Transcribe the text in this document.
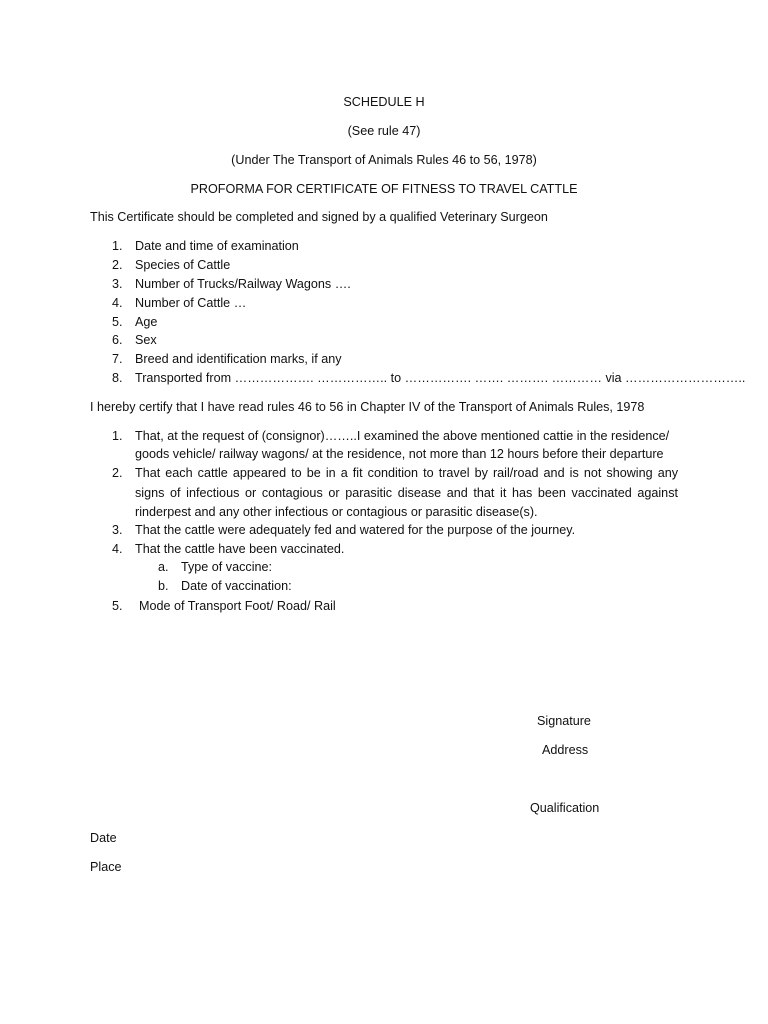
SCHEDULE H
(See rule 47)
(Under The Transport of Animals Rules 46 to 56, 1978)
PROFORMA FOR CERTIFICATE OF FITNESS TO TRAVEL CATTLE
This Certificate should be completed and signed by a qualified Veterinary Surgeon
1. Date and time of examination
2. Species of Cattle
3. Number of Trucks/Railway Wagons ….
4. Number of Cattle …
5. Age
6. Sex
7. Breed and identification marks, if any
8. Transported from ………………. …………….. to ……………. ……. ………. ………… via ………………………..
I hereby certify that I have read rules 46 to 56 in Chapter IV of the Transport of Animals Rules, 1978
1. That, at the request of (consignor)……..I examined the above mentioned cattie in the residence/
goods vehicle/ railway wagons/ at the residence, not more than 12 hours before their departure
2. That each cattle appeared to be in a fit condition to travel by rail/road and is not showing any
signs of infectious or contagious or parasitic disease and that it has been vaccinated against
rinderpest and any other infectious or contagious or parasitic disease(s).
3. That the cattle were adequately fed and watered for the purpose of the journey.
4. That the cattle have been vaccinated.
a. Type of vaccine:
b. Date of vaccination:
5.	Mode of Transport Foot/ Road/ Rail
Signature
Address
Qualification
Date
Place
